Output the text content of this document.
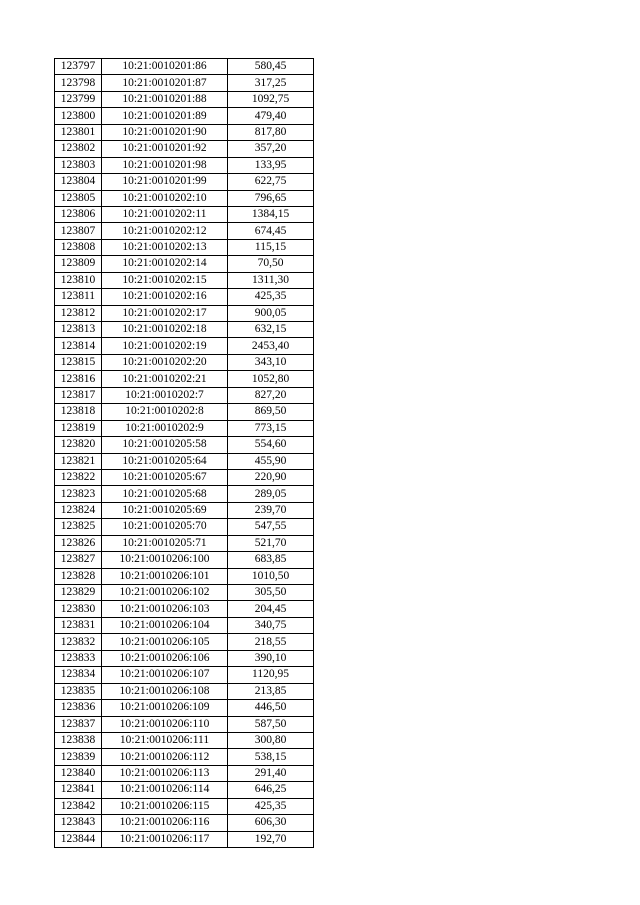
123797	10:21:0010201:86	580,45
123798	10:21:0010201:87	317,25
123799	10:21:0010201:88	1092,75
123800	10:21:0010201:89	479,40
123801	10:21:0010201:90	817,80
123802	10:21:0010201:92	357,20
123803	10:21:0010201:98	133,95
123804	10:21:0010201:99	622,75
123805	10:21:0010202:10	796,65
123806	10:21:0010202:11	1384,15
123807	10:21:0010202:12	674,45
123808	10:21:0010202:13	115,15
123809	10:21:0010202:14	70,50
123810	10:21:0010202:15	1311,30
123811	10:21:0010202:16	425,35
123812	10:21:0010202:17	900,05
123813	10:21:0010202:18	632,15
123814	10:21:0010202:19	2453,40
123815	10:21:0010202:20	343,10
123816	10:21:0010202:21	1052,80
123817	10:21:0010202:7	827,20
123818	10:21:0010202:8	869,50
123819	10:21:0010202:9	773,15
123820	10:21:0010205:58	554,60
123821	10:21:0010205:64	455,90
123822	10:21:0010205:67	220,90
123823	10:21:0010205:68	289,05
123824	10:21:0010205:69	239,70
123825	10:21:0010205:70	547,55
123826	10:21:0010205:71	521,70
123827	10:21:0010206:100	683,85
123828	10:21:0010206:101	1010,50
123829	10:21:0010206:102	305,50
123830	10:21:0010206:103	204,45
123831	10:21:0010206:104	340,75
123832	10:21:0010206:105	218,55
123833	10:21:0010206:106	390,10
123834	10:21:0010206:107	1120,95
123835	10:21:0010206:108	213,85
123836	10:21:0010206:109	446,50
123837	10:21:0010206:110	587,50
123838	10:21:0010206:111	300,80
123839	10:21:0010206:112	538,15
123840	10:21:0010206:113	291,40
123841	10:21:0010206:114	646,25
123842	10:21:0010206:115	425,35
123843	10:21:0010206:116	606,30
123844	10:21:0010206:117	192,70
